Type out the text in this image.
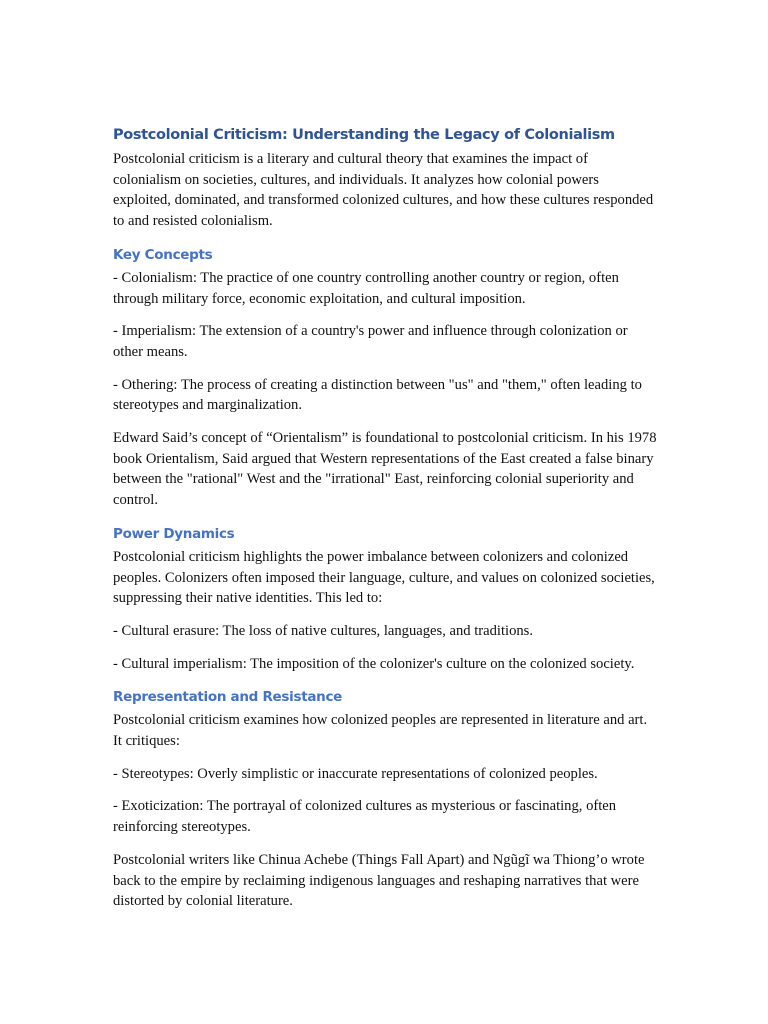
Postcolonial Criticism: Understanding the Legacy of Colonialism

Postcolonial criticism is a literary and cultural theory that examines the impact of colonialism on societies, cultures, and individuals. It analyzes how colonial powers exploited, dominated, and transformed colonized cultures, and how these cultures responded to and resisted colonialism.

Key Concepts

- Colonialism: The practice of one country controlling another country or region, often through military force, economic exploitation, and cultural imposition.

- Imperialism: The extension of a country's power and influence through colonization or other means.

- Othering: The process of creating a distinction between "us" and "them," often leading to stereotypes and marginalization.

Edward Said’s concept of “Orientalism” is foundational to postcolonial criticism. In his 1978 book Orientalism, Said argued that Western representations of the East created a false binary between the "rational" West and the "irrational" East, reinforcing colonial superiority and control.

Power Dynamics

Postcolonial criticism highlights the power imbalance between colonizers and colonized peoples. Colonizers often imposed their language, culture, and values on colonized societies, suppressing their native identities. This led to:

- Cultural erasure: The loss of native cultures, languages, and traditions.

- Cultural imperialism: The imposition of the colonizer's culture on the colonized society.

Representation and Resistance

Postcolonial criticism examines how colonized peoples are represented in literature and art. It critiques:

- Stereotypes: Overly simplistic or inaccurate representations of colonized peoples.

- Exoticization: The portrayal of colonized cultures as mysterious or fascinating, often reinforcing stereotypes.

Postcolonial writers like Chinua Achebe (Things Fall Apart) and Ngũgĩ wa Thiong’o wrote back to the empire by reclaiming indigenous languages and reshaping narratives that were distorted by colonial literature.
